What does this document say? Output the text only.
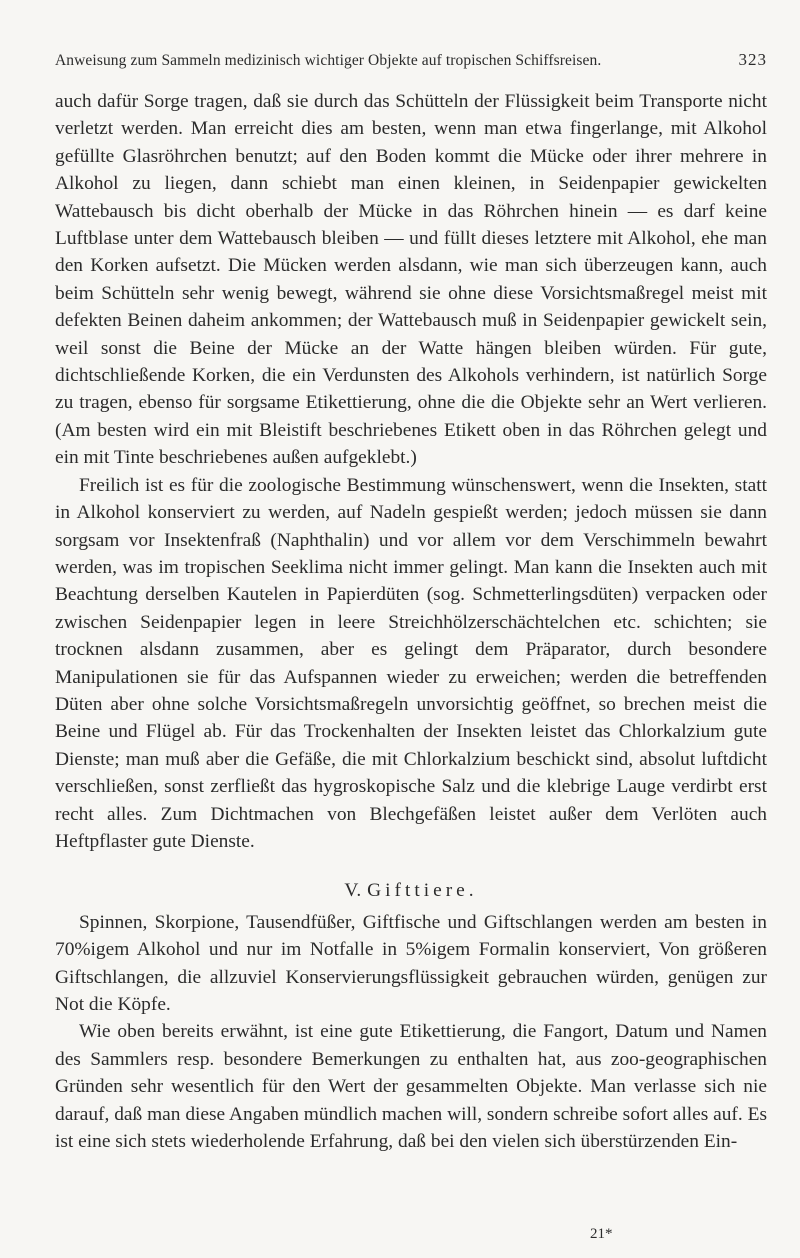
Anweisung zum Sammeln medizinisch wichtiger Objekte auf tropischen Schiffsreisen.	323

auch dafür Sorge tragen, daß sie durch das Schütteln der Flüssigkeit beim Transporte nicht verletzt werden. Man erreicht dies am besten, wenn man etwa fingerlange, mit Alkohol gefüllte Glasröhrchen benutzt; auf den Boden kommt die Mücke oder ihrer mehrere in Alkohol zu liegen, dann schiebt man einen kleinen, in Seidenpapier gewickelten Wattebausch bis dicht oberhalb der Mücke in das Röhrchen hinein — es darf keine Luftblase unter dem Wattebausch bleiben — und füllt dieses letztere mit Alkohol, ehe man den Korken aufsetzt. Die Mücken werden alsdann, wie man sich überzeugen kann, auch beim Schütteln sehr wenig bewegt, während sie ohne diese Vorsichtsmaßregel meist mit defekten Beinen daheim ankommen; der Wattebausch muß in Seidenpapier gewickelt sein, weil sonst die Beine der Mücke an der Watte hängen bleiben würden. Für gute, dichtschließende Korken, die ein Verdunsten des Alkohols verhindern, ist natürlich Sorge zu tragen, ebenso für sorgsame Etikettierung, ohne die die Objekte sehr an Wert verlieren. (Am besten wird ein mit Bleistift beschriebenes Etikett oben in das Röhrchen gelegt und ein mit Tinte beschriebenes außen aufgeklebt.)

Freilich ist es für die zoologische Bestimmung wünschenswert, wenn die Insekten, statt in Alkohol konserviert zu werden, auf Nadeln gespießt werden; jedoch müssen sie dann sorgsam vor Insektenfraß (Naphthalin) und vor allem vor dem Verschimmeln bewahrt werden, was im tropischen Seeklima nicht immer gelingt. Man kann die Insekten auch mit Beachtung derselben Kautelen in Papierdüten (sog. Schmetterlingsdüten) verpacken oder zwischen Seidenpapier legen in leere Streichhölzerschächtelchen etc. schichten; sie trocknen alsdann zusammen, aber es gelingt dem Präparator, durch besondere Manipulationen sie für das Aufspannen wieder zu erweichen; werden die betreffenden Düten aber ohne solche Vorsichtsmaßregeln unvorsichtig geöffnet, so brechen meist die Beine und Flügel ab. Für das Trockenhalten der Insekten leistet das Chlorkalzium gute Dienste; man muß aber die Gefäße, die mit Chlorkalzium beschickt sind, absolut luftdicht verschließen, sonst zerfließt das hygroskopische Salz und die klebrige Lauge verdirbt erst recht alles. Zum Dichtmachen von Blechgefäßen leistet außer dem Verlöten auch Heftpflaster gute Dienste.

V. Gifttiere.

Spinnen, Skorpione, Tausendfüßer, Giftfische und Giftschlangen werden am besten in 70%igem Alkohol und nur im Notfalle in 5%igem Formalin konserviert, Von größeren Giftschlangen, die allzuviel Konservierungsflüssigkeit gebrauchen würden, genügen zur Not die Köpfe.

Wie oben bereits erwähnt, ist eine gute Etikettierung, die Fangort, Datum und Namen des Sammlers resp. besondere Bemerkungen zu enthalten hat, aus zoo-geographischen Gründen sehr wesentlich für den Wert der gesammelten Objekte. Man verlasse sich nie darauf, daß man diese Angaben mündlich machen will, sondern schreibe sofort alles auf. Es ist eine sich stets wiederholende Erfahrung, daß bei den vielen sich überstürzenden Ein-

21*
